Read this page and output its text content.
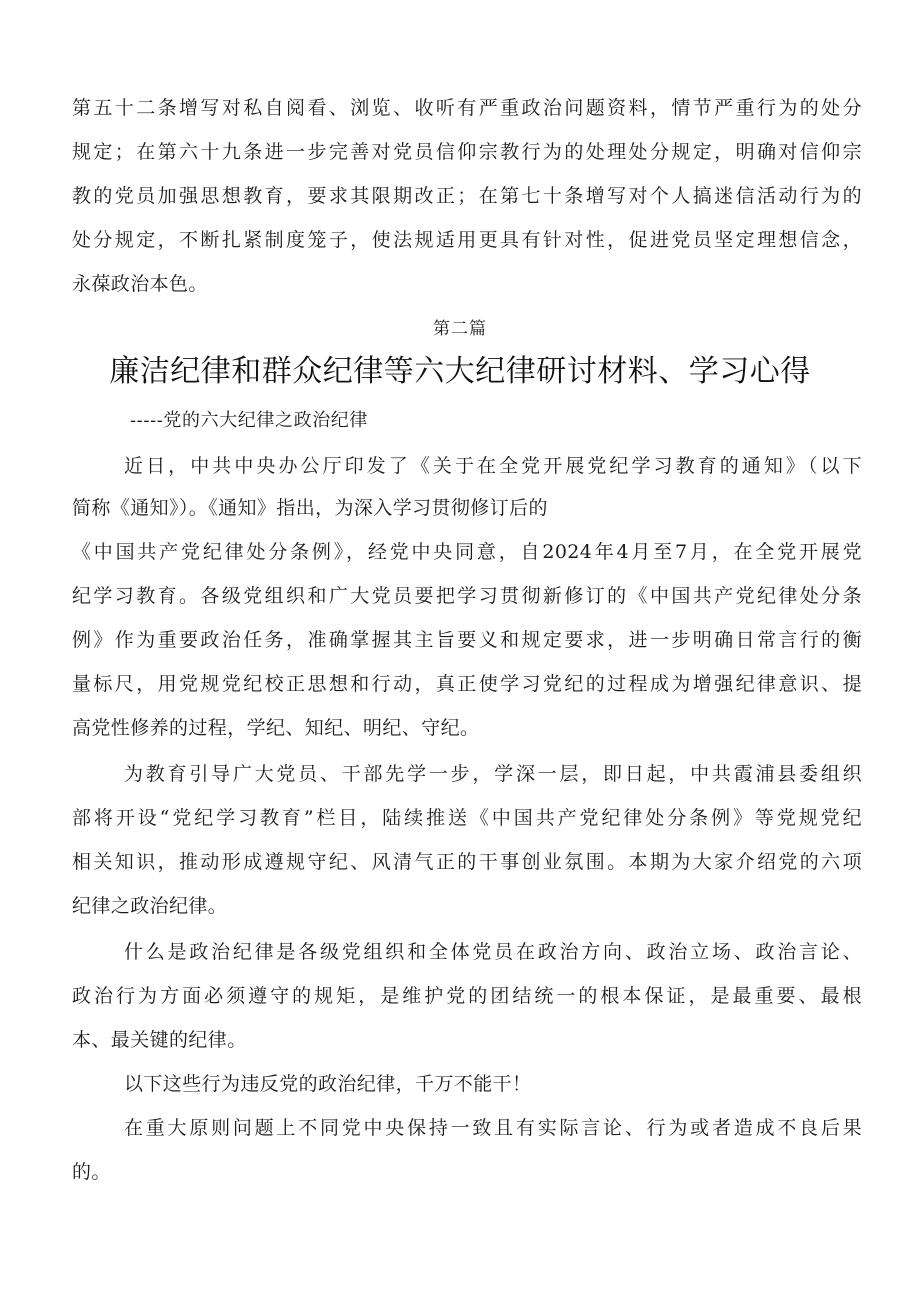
第五十二条增写对私自阅看、浏览、收听有严重政治问题资料，情节严重行为的处分
规定；在第六十九条进一步完善对党员信仰宗教行为的处理处分规定，明确对信仰宗
教的党员加强思想教育，要求其限期改正；在第七十条增写对个人搞迷信活动行为的
处分规定，不断扎紧制度笼子，使法规适用更具有针对性，促进党员坚定理想信念，
永葆政治本色。
第二篇
廉洁纪律和群众纪律等六大纪律研讨材料、学习心得
-----党的六大纪律之政治纪律
近日，中共中央办公厅印发了《关于在全党开展党纪学习教育的通知》（以下
简称《通知》）。《通知》指出，为深入学习贯彻修订后的
《中国共产党纪律处分条例》，经党中央同意，自2024年4月至7月，在全党开展党
纪学习教育。各级党组织和广大党员要把学习贯彻新修订的《中国共产党纪律处分条
例》作为重要政治任务，准确掌握其主旨要义和规定要求，进一步明确日常言行的衡
量标尺，用党规党纪校正思想和行动，真正使学习党纪的过程成为增强纪律意识、提
高党性修养的过程，学纪、知纪、明纪、守纪。
为教育引导广大党员、干部先学一步，学深一层，即日起，中共霞浦县委组织
部将开设“党纪学习教育”栏目，陆续推送《中国共产党纪律处分条例》等党规党纪
相关知识，推动形成遵规守纪、风清气正的干事创业氛围。本期为大家介绍党的六项
纪律之政治纪律。
什么是政治纪律是各级党组织和全体党员在政治方向、政治立场、政治言论、
政治行为方面必须遵守的规矩，是维护党的团结统一的根本保证，是最重要、最根
本、最关键的纪律。
以下这些行为违反党的政治纪律，千万不能干！
在重大原则问题上不同党中央保持一致且有实际言论、行为或者造成不良后果
的。
